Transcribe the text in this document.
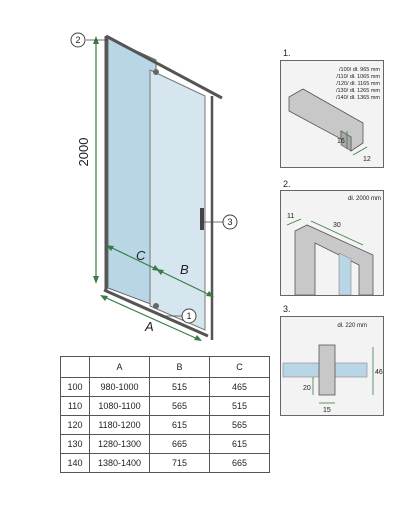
2000
A
C
B
2
3
1
1.
/100/ dł. 965 mm
/110/ dł. 1065 mm
/120/ dł. 1165 mm
/130/ dł. 1265 mm
/140/ dł. 1365 mm
16
12
2.
dł. 2000 mm
11
30
3.
dł. 220 mm
46
20
15
	A	B	C
100	980-1000	515	465
110	1080-1100	565	515
120	1180-1200	615	565
130	1280-1300	665	615
140	1380-1400	715	665
